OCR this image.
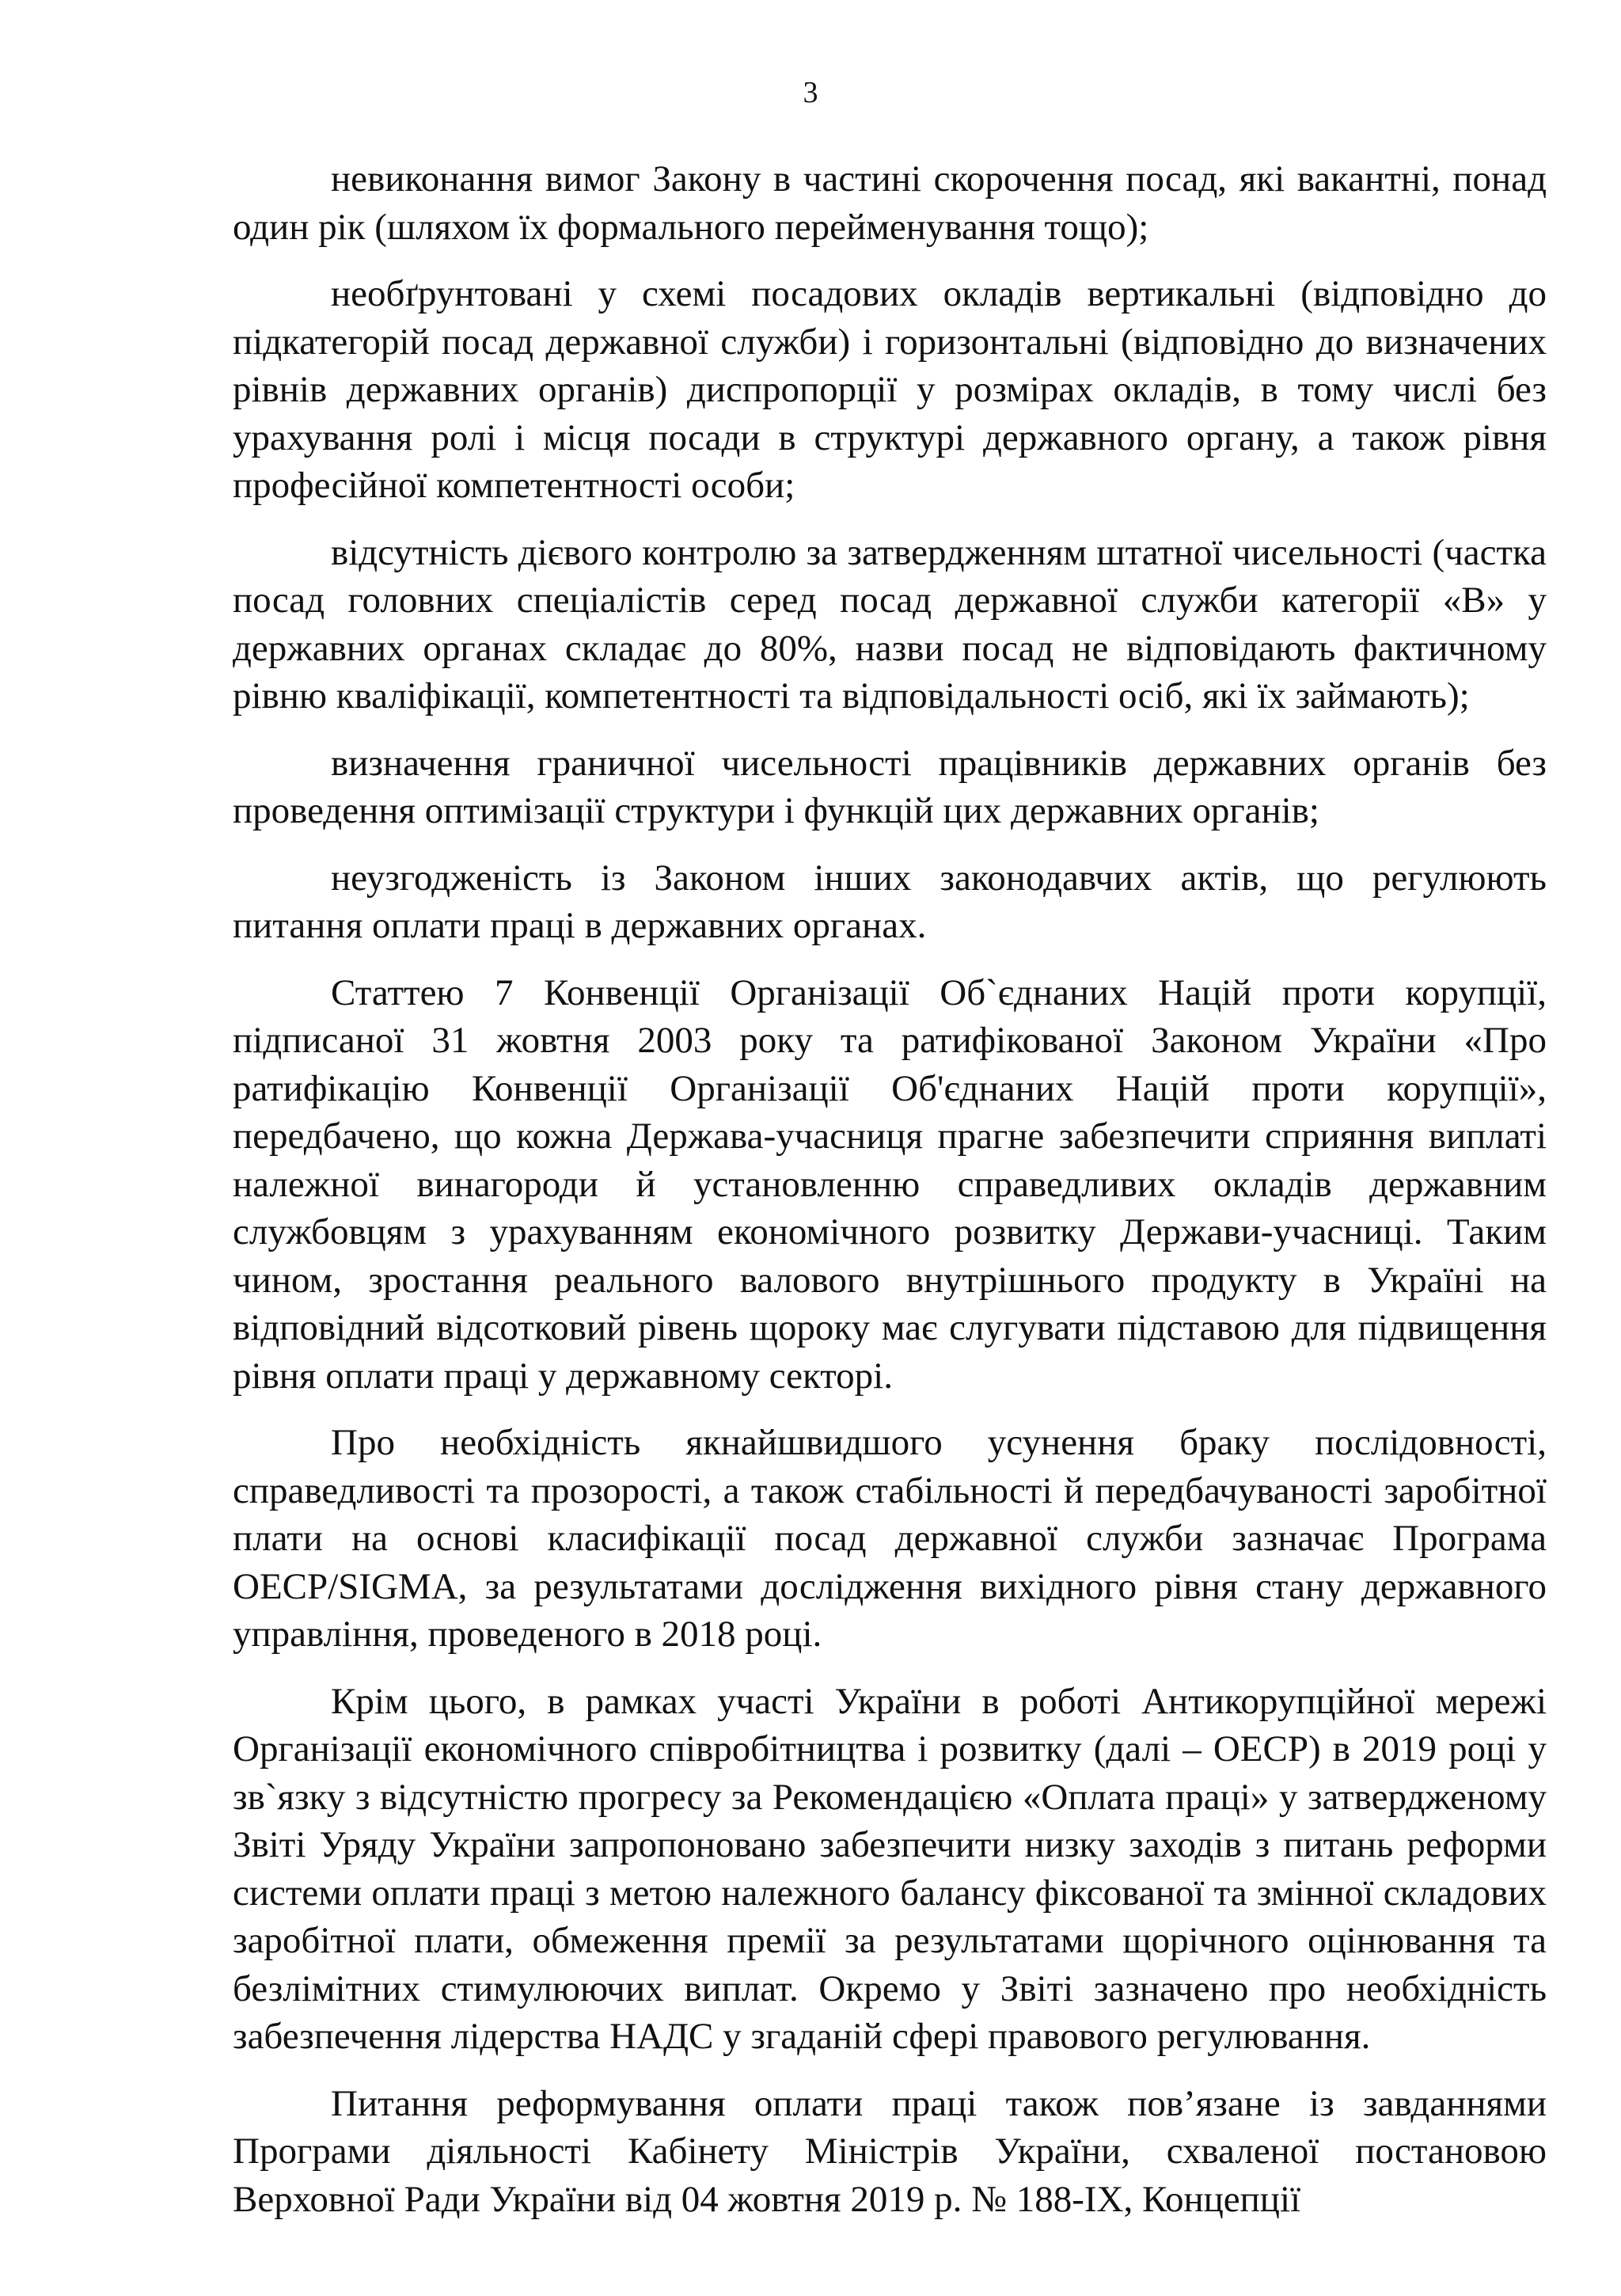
3

невиконання вимог Закону в частині скорочення посад, які вакантні, понад один рік (шляхом їх формального перейменування тощо);

необґрунтовані у схемі посадових окладів вертикальні (відповідно до підкатегорій посад державної служби) і горизонтальні (відповідно до визначених рівнів державних органів) диспропорції у розмірах окладів, в тому числі без урахування ролі і місця посади в структурі державного органу, а також рівня професійної компетентності особи;

відсутність дієвого контролю за затвердженням штатної чисельності (частка посад головних спеціалістів серед посад державної служби категорії «В» у державних органах складає до 80%, назви посад не відповідають фактичному рівню кваліфікації, компетентності та відповідальності осіб, які їх займають);

визначення граничної чисельності працівників державних органів без проведення оптимізації структури і функцій цих державних органів;

неузгодженість із Законом інших законодавчих актів, що регулюють питання оплати праці в державних органах.

Статтею 7 Конвенції Організації Об`єднаних Націй проти корупції, підписаної 31 жовтня 2003 року та ратифікованої Законом України «Про ратифікацію Конвенції Організації Об'єднаних Націй проти корупції», передбачено, що кожна Держава-учасниця прагне забезпечити сприяння виплаті належної винагороди й установленню справедливих окладів державним службовцям з урахуванням економічного розвитку Держави-учасниці. Таким чином, зростання реального валового внутрішнього продукту в Україні на відповідний відсотковий рівень щороку має слугувати підставою для підвищення рівня оплати праці у державному секторі.

Про необхідність якнайшвидшого усунення браку послідовності, справедливості та прозорості, а також стабільності й передбачуваності заробітної плати на основі класифікації посад державної служби зазначає Програма OECP/SIGMA, за результатами дослідження вихідного рівня стану державного управління, проведеного в 2018 році.

Крім цього, в рамках участі України в роботі Антикорупційної мережі Організації економічного співробітництва і розвитку (далі – ОЕСР) в 2019 році у зв`язку з відсутністю прогресу за Рекомендацією «Оплата праці» у затвердженому Звіті Уряду України запропоновано забезпечити низку заходів з питань реформи системи оплати праці з метою належного балансу фіксованої та змінної складових заробітної плати, обмеження премії за результатами щорічного оцінювання та безлімітних стимулюючих виплат. Окремо у Звіті зазначено про необхідність забезпечення лідерства НАДС у згаданій сфері правового регулювання.

Питання реформування оплати праці також пов’язане із завданнями Програми діяльності Кабінету Міністрів України, схваленої постановою Верховної Ради України від 04 жовтня 2019 р. № 188-IX, Концепції
